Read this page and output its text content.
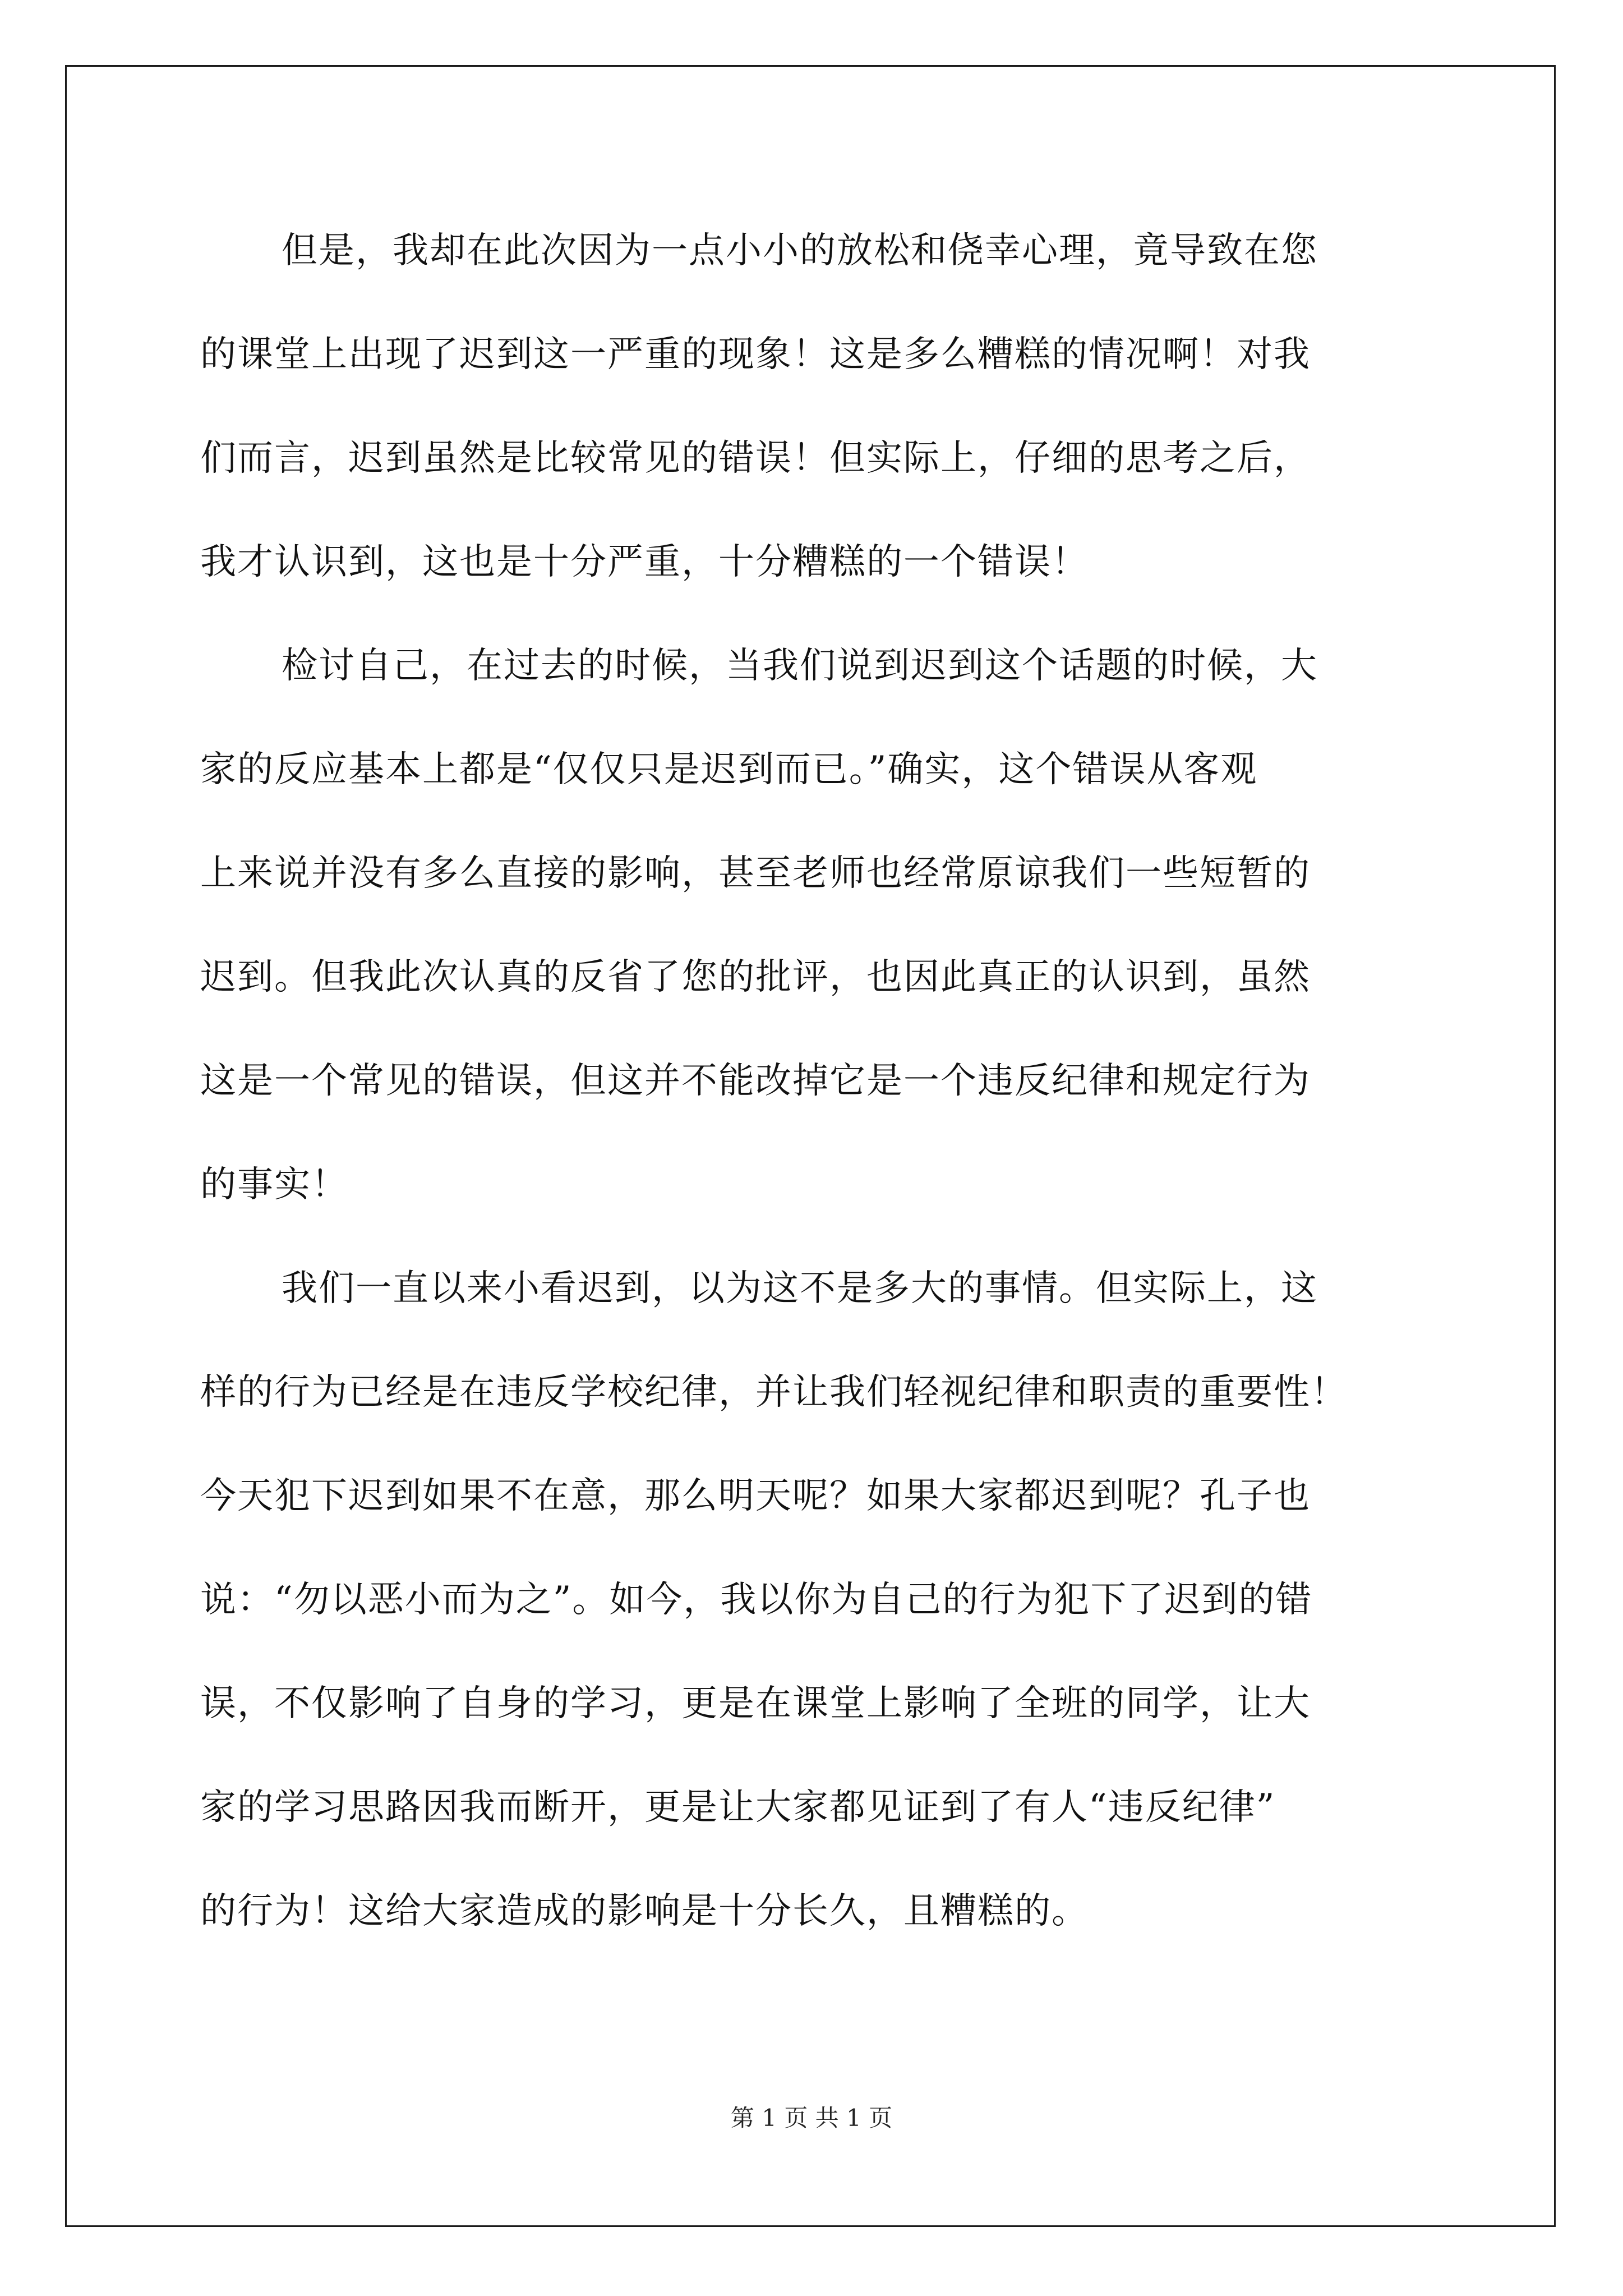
但是，我却在此次因为一点小小的放松和侥幸心理，竟导致在您
的课堂上出现了迟到这一严重的现象！这是多么糟糕的情况啊！对我
们而言，迟到虽然是比较常见的错误！但实际上，仔细的思考之后，
我才认识到，这也是十分严重，十分糟糕的一个错误！
检讨自己，在过去的时候，当我们说到迟到这个话题的时候，大
家的反应基本上都是“仅仅只是迟到而已。”确实，这个错误从客观
上来说并没有多么直接的影响，甚至老师也经常原谅我们一些短暂的
迟到。但我此次认真的反省了您的批评，也因此真正的认识到，虽然
这是一个常见的错误，但这并不能改掉它是一个违反纪律和规定行为
的事实！
我们一直以来小看迟到，以为这不是多大的事情。但实际上，这
样的行为已经是在违反学校纪律，并让我们轻视纪律和职责的重要性！
今天犯下迟到如果不在意，那么明天呢？如果大家都迟到呢？孔子也
说：“勿以恶小而为之”。如今，我以你为自己的行为犯下了迟到的错
误，不仅影响了自身的学习，更是在课堂上影响了全班的同学，让大
家的学习思路因我而断开，更是让大家都见证到了有人“违反纪律”
的行为！这给大家造成的影响是十分长久，且糟糕的。
第 1 页 共 1 页
